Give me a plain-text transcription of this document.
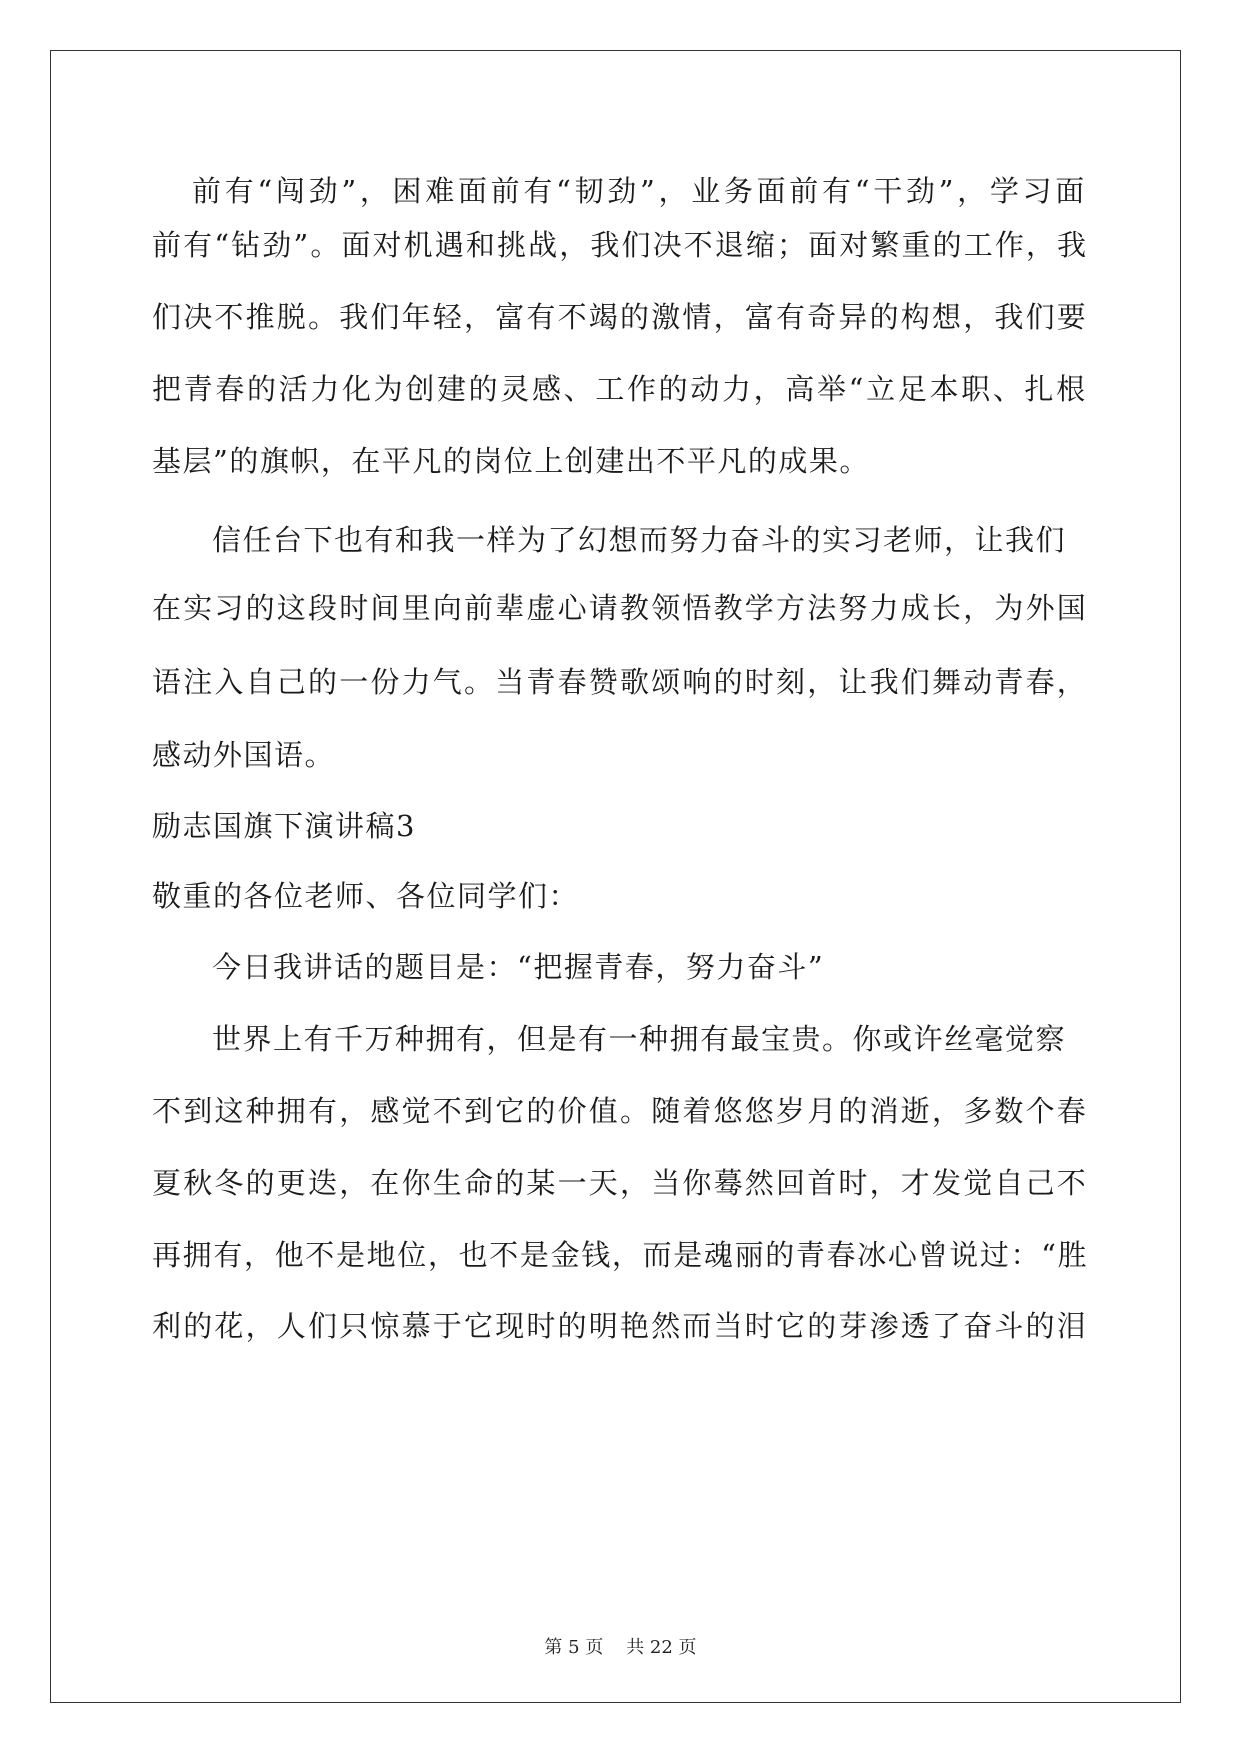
前有“闯劲”，困难面前有“韧劲”，业务面前有“干劲”，学习面
前有“钻劲”。面对机遇和挑战，我们决不退缩；面对繁重的工作，我
们决不推脱。我们年轻，富有不竭的激情，富有奇异的构想，我们要
把青春的活力化为创建的灵感、工作的动力，高举“立足本职、扎根
基层”的旗帜，在平凡的岗位上创建出不平凡的成果。
信任台下也有和我一样为了幻想而努力奋斗的实习老师，让我们
在实习的这段时间里向前辈虚心请教领悟教学方法努力成长，为外国
语注入自己的一份力气。当青春赞歌颂响的时刻，让我们舞动青春，
感动外国语。
励志国旗下演讲稿3
敬重的各位老师、各位同学们：
今日我讲话的题目是：“把握青春，努力奋斗”
世界上有千万种拥有，但是有一种拥有最宝贵。你或许丝毫觉察
不到这种拥有，感觉不到它的价值。随着悠悠岁月的消逝，多数个春
夏秋冬的更迭，在你生命的某一天，当你蓦然回首时，才发觉自己不
再拥有，他不是地位，也不是金钱，而是魂丽的青春冰心曾说过：“胜
利的花，人们只惊慕于它现时的明艳然而当时它的芽渗透了奋斗的泪
第 5 页    共 22 页
